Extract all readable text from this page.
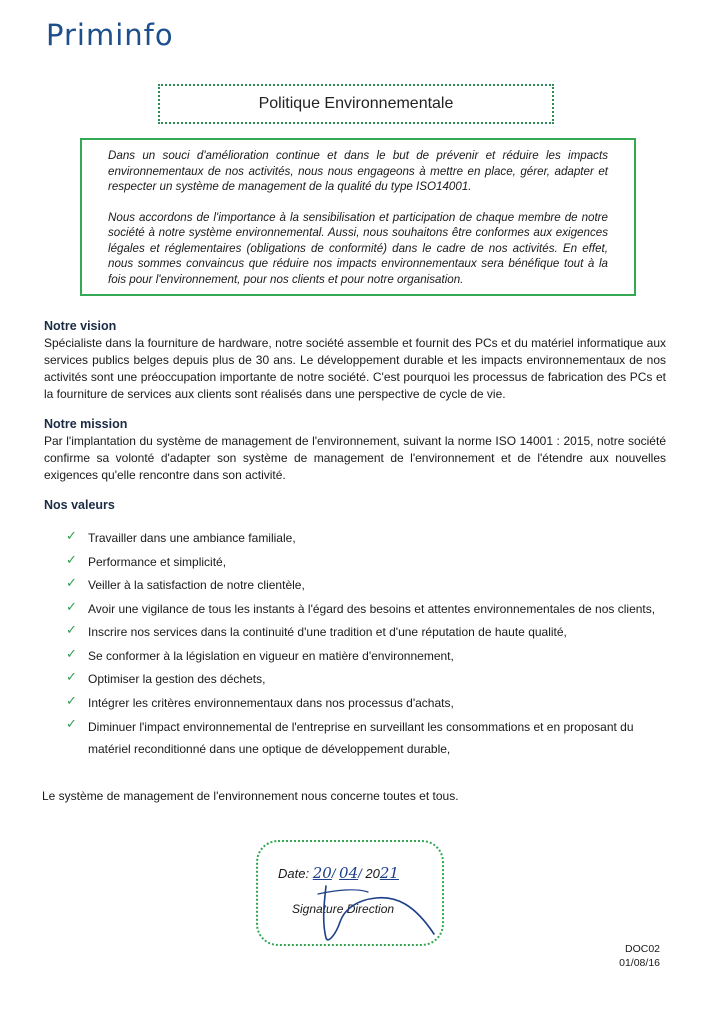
Priminfo
Politique Environnementale

Dans un souci d'amélioration continue et dans le but de prévenir et réduire les impacts environnementaux de nos activités, nous nous engageons à mettre en place, gérer, adapter et respecter un système de management de la qualité du type ISO14001.

Nous accordons de l'importance à la sensibilisation et participation de chaque membre de notre société à notre système environnemental. Aussi, nous souhaitons être conformes aux exigences légales et réglementaires (obligations de conformité) dans le cadre de nos activités. En effet, nous sommes convaincus que réduire nos impacts environnementaux sera bénéfique tout à la fois pour l'environnement, pour nos clients et pour notre organisation.

Notre vision

Spécialiste dans la fourniture de hardware, notre société assemble et fournit des PCs et du matériel informatique aux services publics belges depuis plus de 30 ans. Le développement durable et les impacts environnementaux de nos activités sont une préoccupation importante de notre société. C'est pourquoi les processus de fabrication des PCs et la fourniture de services aux clients sont réalisés dans une perspective de cycle de vie.

Notre mission

Par l'implantation du système de management de l'environnement, suivant la norme ISO 14001 : 2015, notre société confirme sa volonté d'adapter son système de management de l'environnement et de l'étendre aux nouvelles exigences qu'elle rencontre dans son activité.

Nos valeurs
✓ Travailler dans une ambiance familiale,
✓ Performance et simplicité,
✓ Veiller à la satisfaction de notre clientèle,
✓ Avoir une vigilance de tous les instants à l'égard des besoins et attentes environnementales de nos clients,
✓ Inscrire nos services dans la continuité d'une tradition et d'une réputation de haute qualité,
✓ Se conformer à la législation en vigueur en matière d'environnement,
✓ Optimiser la gestion des déchets,
✓ Intégrer les critères environnementaux dans nos processus d'achats,
✓ Diminuer l'impact environnemental de l'entreprise en surveillant les consommations et en proposant du matériel reconditionné dans une optique de développement durable,
Le système de management de l'environnement nous concerne toutes et tous.
Date: 20/ 04/ 2021
Signature Direction
DOC02
01/08/16
